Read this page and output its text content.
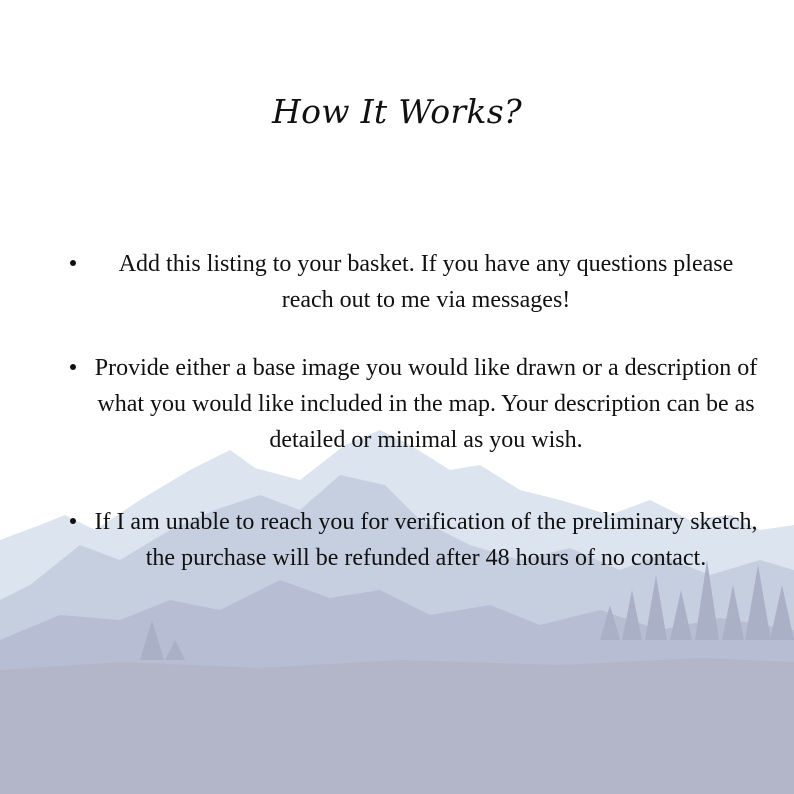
How It Works?
Add this listing to your basket. If you have any questions please reach out to me via messages!
Provide either a base image you would like drawn or a description of what you would like included in the map. Your description can be as detailed or minimal as you wish.
If I am unable to reach you for verification of the preliminary sketch, the purchase will be refunded after 48 hours of no contact.
